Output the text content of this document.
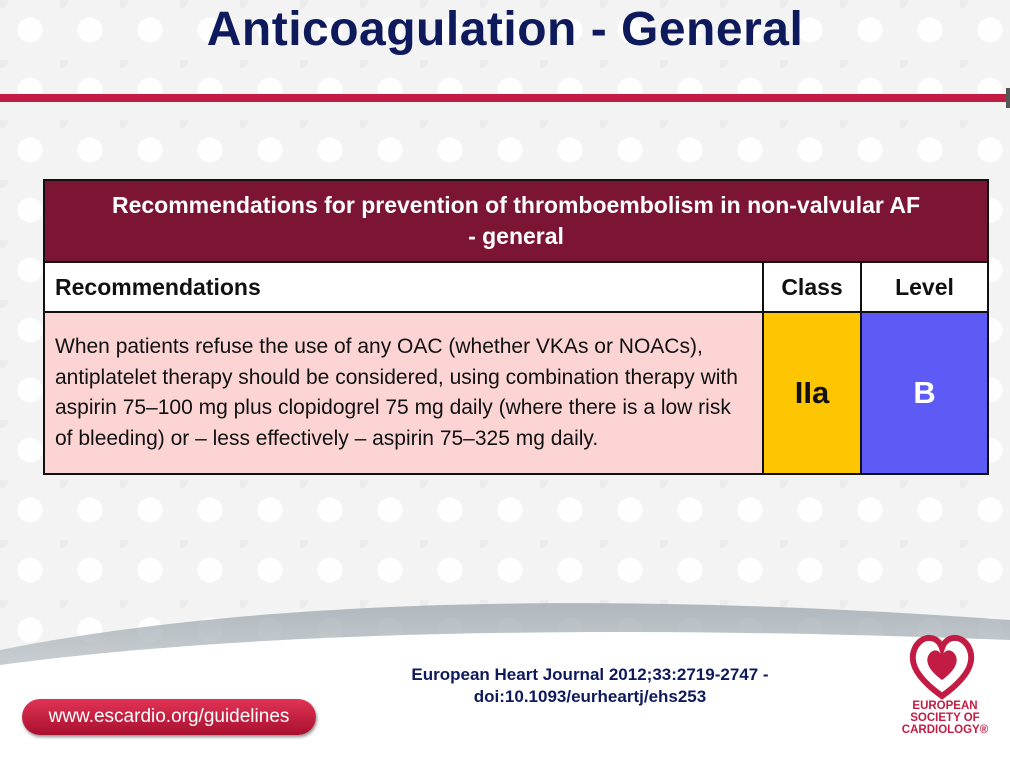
Anticoagulation - General
Recommendations for prevention of thromboembolism in non-valvular AF - general		
Recommendations	Class	Level
When patients refuse the use of any OAC (whether VKAs or NOACs), antiplatelet therapy should be considered, using combination therapy with aspirin 75–100 mg plus clopidogrel 75 mg daily (where there is a low risk of bleeding) or – less effectively – aspirin 75–325 mg daily.	IIa	B
European Heart Journal 2012;33:2719-2747 -
doi:10.1093/eurheartj/ehs253
www.escardio.org/guidelines	EUROPEAN SOCIETY OF CARDIOLOGY®
